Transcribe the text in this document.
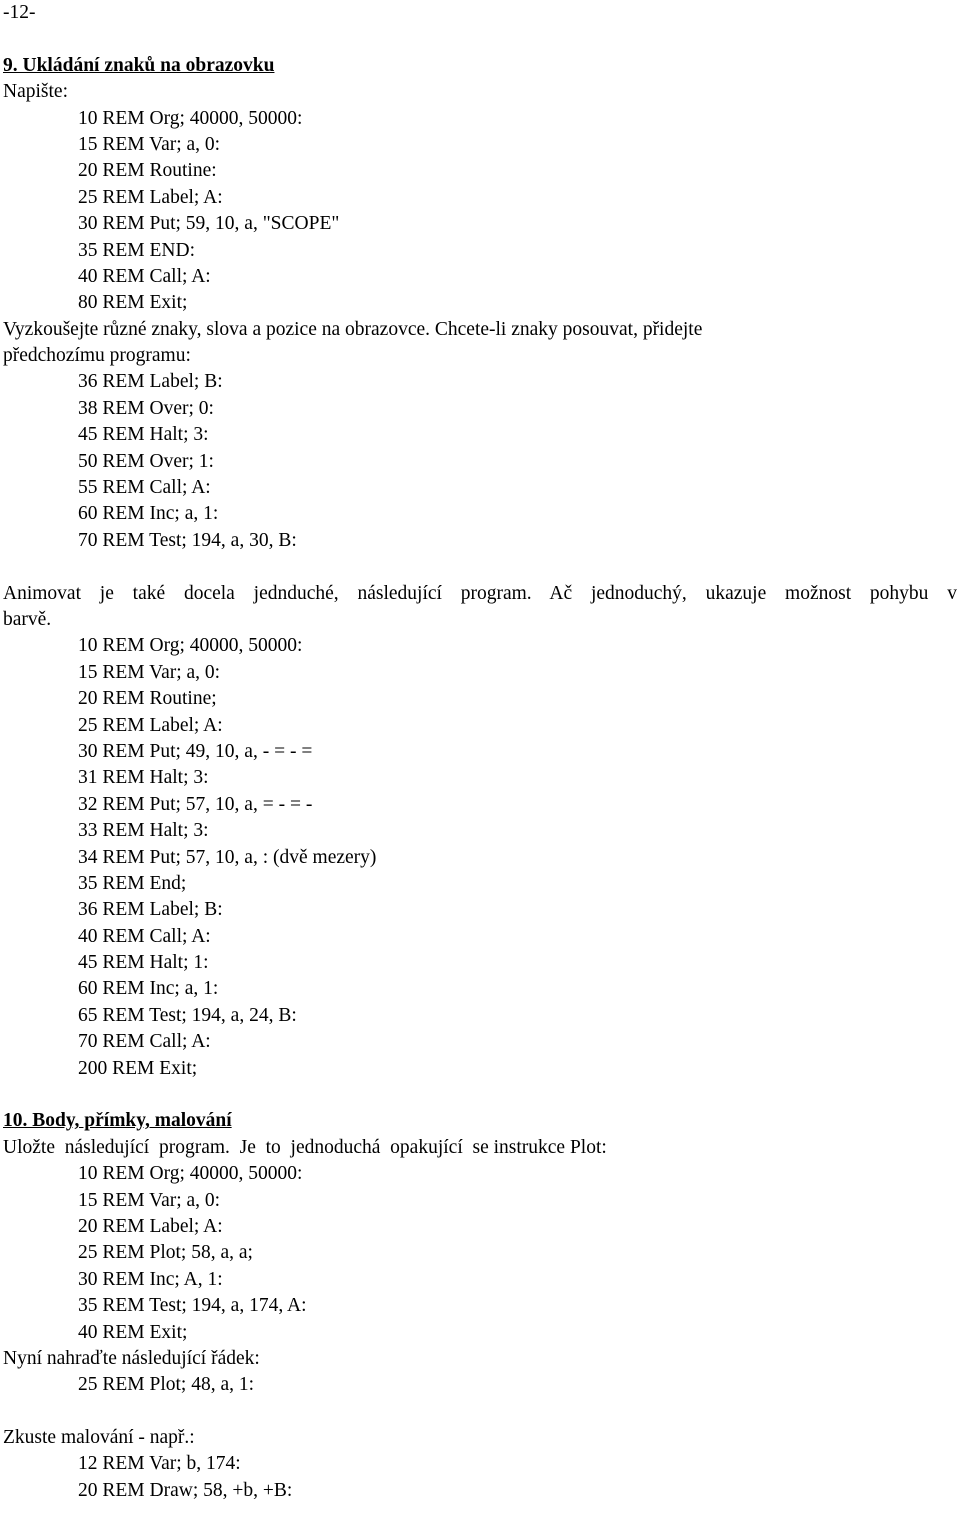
-12-
9. Ukládání znaků na obrazovku
Napište:
10 REM Org; 40000, 50000:
15 REM Var; a, 0:
20 REM Routine:
25 REM Label; A:
30 REM Put; 59, 10, a, "SCOPE"
35 REM END:
40 REM Call; A:
80 REM Exit;
Vyzkoušejte různé znaky, slova a pozice na obrazovce. Chcete-li znaky posouvat, přidejte
předchozímu programu:
36 REM Label; B:
38 REM Over; 0:
45 REM Halt; 3:
50 REM Over; 1:
55 REM Call; A:
60 REM Inc; a, 1:
70 REM Test; 194, a, 30, B:
Animovat je také docela jednduché, následující program. Ač jednoduchý, ukazuje možnost pohybu v
barvě.
10 REM Org; 40000, 50000:
15 REM Var; a, 0:
20 REM Routine;
25 REM Label; A:
30 REM Put; 49, 10, a, - = - =
31 REM Halt; 3:
32 REM Put; 57, 10, a, = - = -
33 REM Halt; 3:
34 REM Put; 57, 10, a, : (dvě mezery)
35 REM End;
36 REM Label; B:
40 REM Call; A:
45 REM Halt; 1:
60 REM Inc; a, 1:
65 REM Test; 194, a, 24, B:
70 REM Call; A:
200 REM Exit;
10. Body, přímky, malování
Uložte  následující  program.  Je  to  jednoduchá  opakující  se instrukce Plot:
10 REM Org; 40000, 50000:
15 REM Var; a, 0:
20 REM Label; A:
25 REM Plot; 58, a, a;
30 REM Inc; A, 1:
35 REM Test; 194, a, 174, A:
40 REM Exit;
Nyní nahraďte následující řádek:
25 REM Plot; 48, a, 1:
Zkuste malování - např.:
12 REM Var; b, 174:
20 REM Draw; 58, +b, +B:
